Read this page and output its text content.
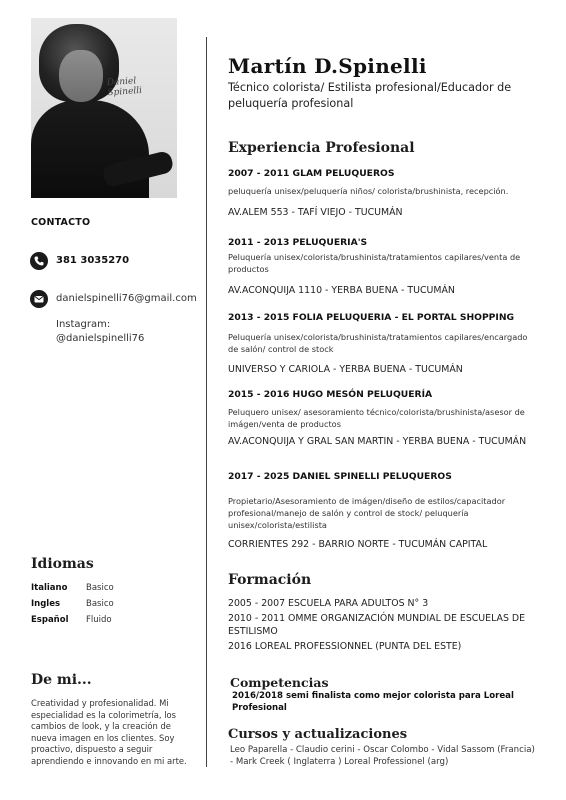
Daniel Spinelli
CONTACTO
381 3035270
danielspinelli76@gmail.com
Instagram:
@danielspinelli76
Idiomas
Italiano Basico
Ingles	Basico
Español Fluido
De mi...
Creatividad y profesionalidad. Mi especialidad es la colorimetría, los cambios de look, y la creación de nueva imagen en los clientes. Soy proactivo, dispuesto a seguir aprendiendo e innovando en mi arte.
Martín D.Spinelli
Técnico colorista/ Estilista profesional/Educador de peluquería profesional
Experiencia Profesional
2007 - 2011 GLAM PELUQUEROS
peluquería unisex/peluquería niños/ colorista/brushinista, recepción.
AV.ALEM 553 - TAFÍ VIEJO - TUCUMÁN
2011 - 2013 PELUQUERIA'S
Peluquería unisex/colorista/brushinista/tratamientos capilares/venta de productos
AV.ACONQUIJA 1110 - YERBA BUENA - TUCUMÁN
2013 - 2015 FOLIA PELUQUERIA - EL PORTAL SHOPPING
Peluquería unisex/colorista/brushinista/tratamientos capilares/encargado de salón/ control de stock
UNIVERSO Y CARIOLA - YERBA BUENA - TUCUMÁN
2015 - 2016 HUGO MESÓN PELUQUERÍA
Peluquero unisex/ asesoramiento técnico/colorista/brushinista/asesor de imágen/venta de productos
AV.ACONQUIJA Y GRAL SAN MARTIN - YERBA BUENA - TUCUMÁN
2017 - 2025 DANIEL SPINELLI PELUQUEROS
Propietario/Asesoramiento de imágen/diseño de estilos/capacitador profesional/manejo de salón y control de stock/ peluquería unisex/colorista/estilista
CORRIENTES 292 - BARRIO NORTE - TUCUMÁN CAPITAL
Formación
2005 - 2007 ESCUELA PARA ADULTOS N° 3
2010 - 2011 OMME ORGANIZACIÓN MUNDIAL DE ESCUELAS DE ESTILISMO
2016 LOREAL PROFESSIONNEL (PUNTA DEL ESTE)
Competencias
2016/2018 semi finalista como mejor colorista para Loreal Profesional
Cursos y actualizaciones
Leo Paparella - Claudio cerini - Oscar Colombo - Vidal Sassom (Francia) - Mark Creek ( Inglaterra ) Loreal Professionel (arg)
